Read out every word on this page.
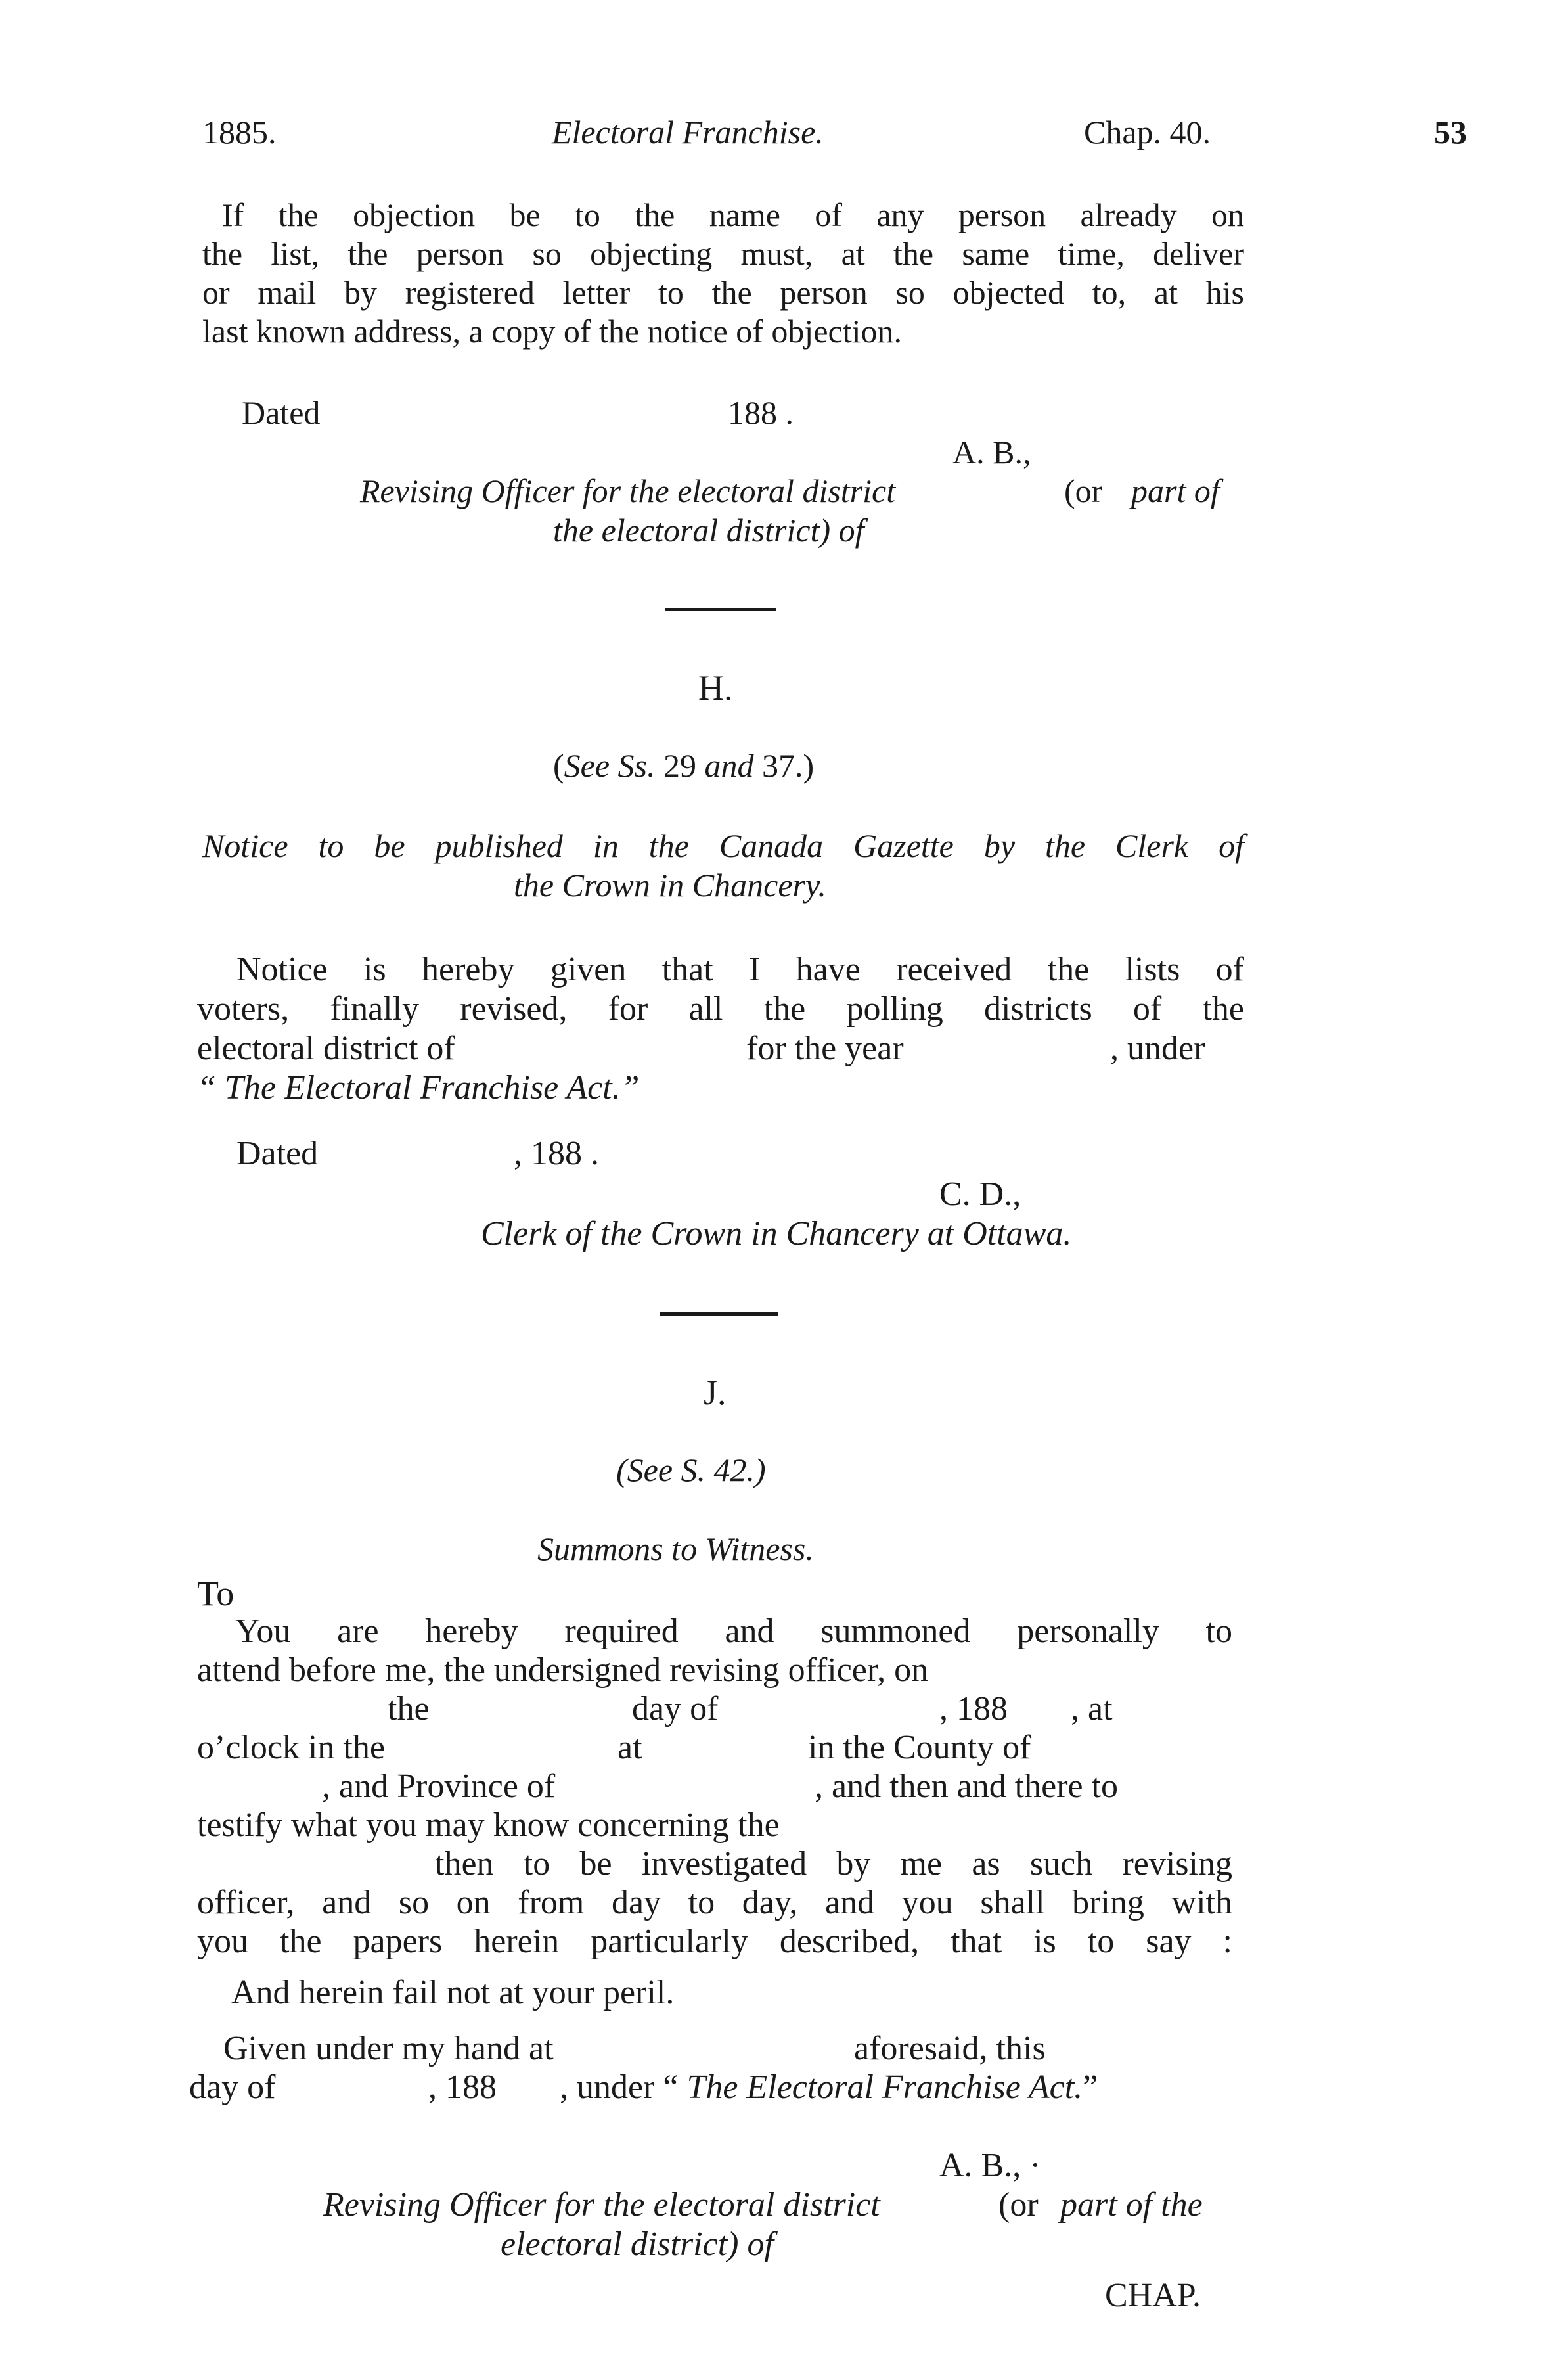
1885.	Electoral Franchise.	Chap. 40.	53
If the objection be to the name of any person already on
the list, the person so objecting must, at the same time, deliver
or mail by registered letter to the person so objected to, at his
last known address, a copy of the notice of objection.
Dated	188 .
A. B.,
Revising Officer for the electoral district	(or part of
the electoral district) of
H.
(See Ss. 29 and 37.)
Notice to be published in the Canada Gazette by the Clerk of
the Crown in Chancery.
Notice is hereby given that I have received the lists of
voters, finally revised, for all the polling districts of the
electoral district of	for the year	, under
“ The Electoral Franchise Act.”
Dated	, 188 .
C. D.,
Clerk of the Crown in Chancery at Ottawa.
J.
(See S. 42.)
Summons to Witness.
To
You are hereby required and summoned personally to
attend before me, the undersigned revising officer, on
the	day of	, 188 , at
o’clock in the	at	in the County of
, and Province of	, and then and there to
testify what you may know concerning the
then to be investigated by me as such revising
officer, and so on from day to day, and you shall bring with
you the papers herein particularly described, that is to say :
And herein fail not at your peril.
Given under my hand at	aforesaid, this
day of	, 188 , under “ The Electoral Franchise Act.”
A. B., ·
Revising Officer for the electoral district	(or part of the
electoral district) of
CHAP.
